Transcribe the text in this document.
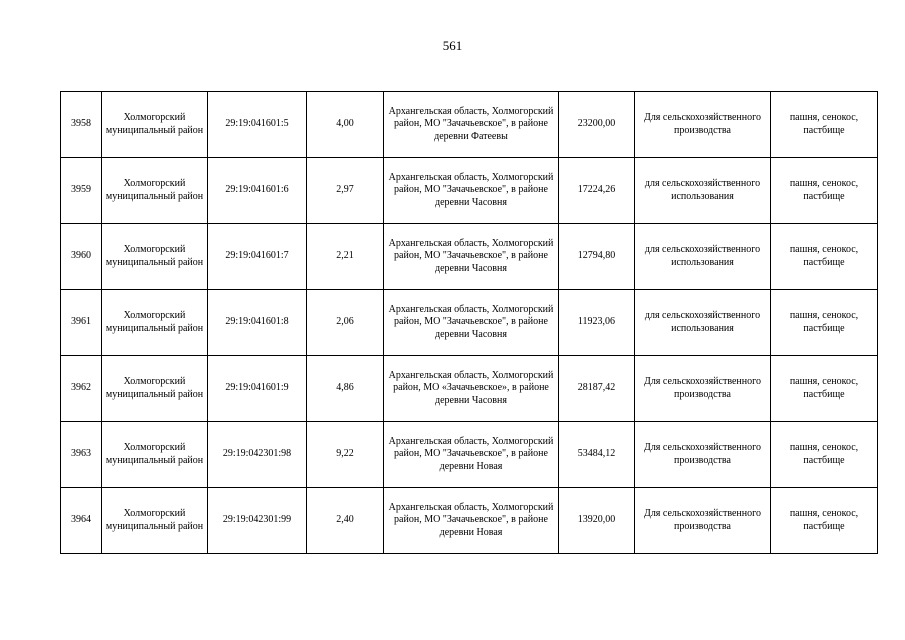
561
3958	Холмогорский муниципальный район	29:19:041601:5	4,00	Архангельская область, Холмогорский район, МО "Зачачьевское", в районе деревни Фатеевы	23200,00	Для сельскохозяйственного производства	пашня, сенокос, пастбище
3959	Холмогорский муниципальный район	29:19:041601:6	2,97	Архангельская область, Холмогорский район, МО "Зачачьевское", в районе деревни Часовня	17224,26	для сельскохозяйственного использования	пашня, сенокос, пастбище
3960	Холмогорский муниципальный район	29:19:041601:7	2,21	Архангельская область, Холмогорский район, МО "Зачачьевское", в районе деревни Часовня	12794,80	для сельскохозяйственного использования	пашня, сенокос, пастбище
3961	Холмогорский муниципальный район	29:19:041601:8	2,06	Архангельская область, Холмогорский район, МО "Зачачьевское", в районе деревни Часовня	11923,06	для сельскохозяйственного использования	пашня, сенокос, пастбище
3962	Холмогорский муниципальный район	29:19:041601:9	4,86	Архангельская область, Холмогорский район, МО «Зачачьевское», в районе деревни Часовня	28187,42	Для сельскохозяйственного производства	пашня, сенокос, пастбище
3963	Холмогорский муниципальный район	29:19:042301:98	9,22	Архангельская область, Холмогорский район, МО "Зачачьевское", в районе деревни Новая	53484,12	Для сельскохозяйственного производства	пашня, сенокос, пастбище
3964	Холмогорский муниципальный район	29:19:042301:99	2,40	Архангельская область, Холмогорский район, МО "Зачачьевское", в районе деревни Новая	13920,00	Для сельскохозяйственного производства	пашня, сенокос, пастбище
